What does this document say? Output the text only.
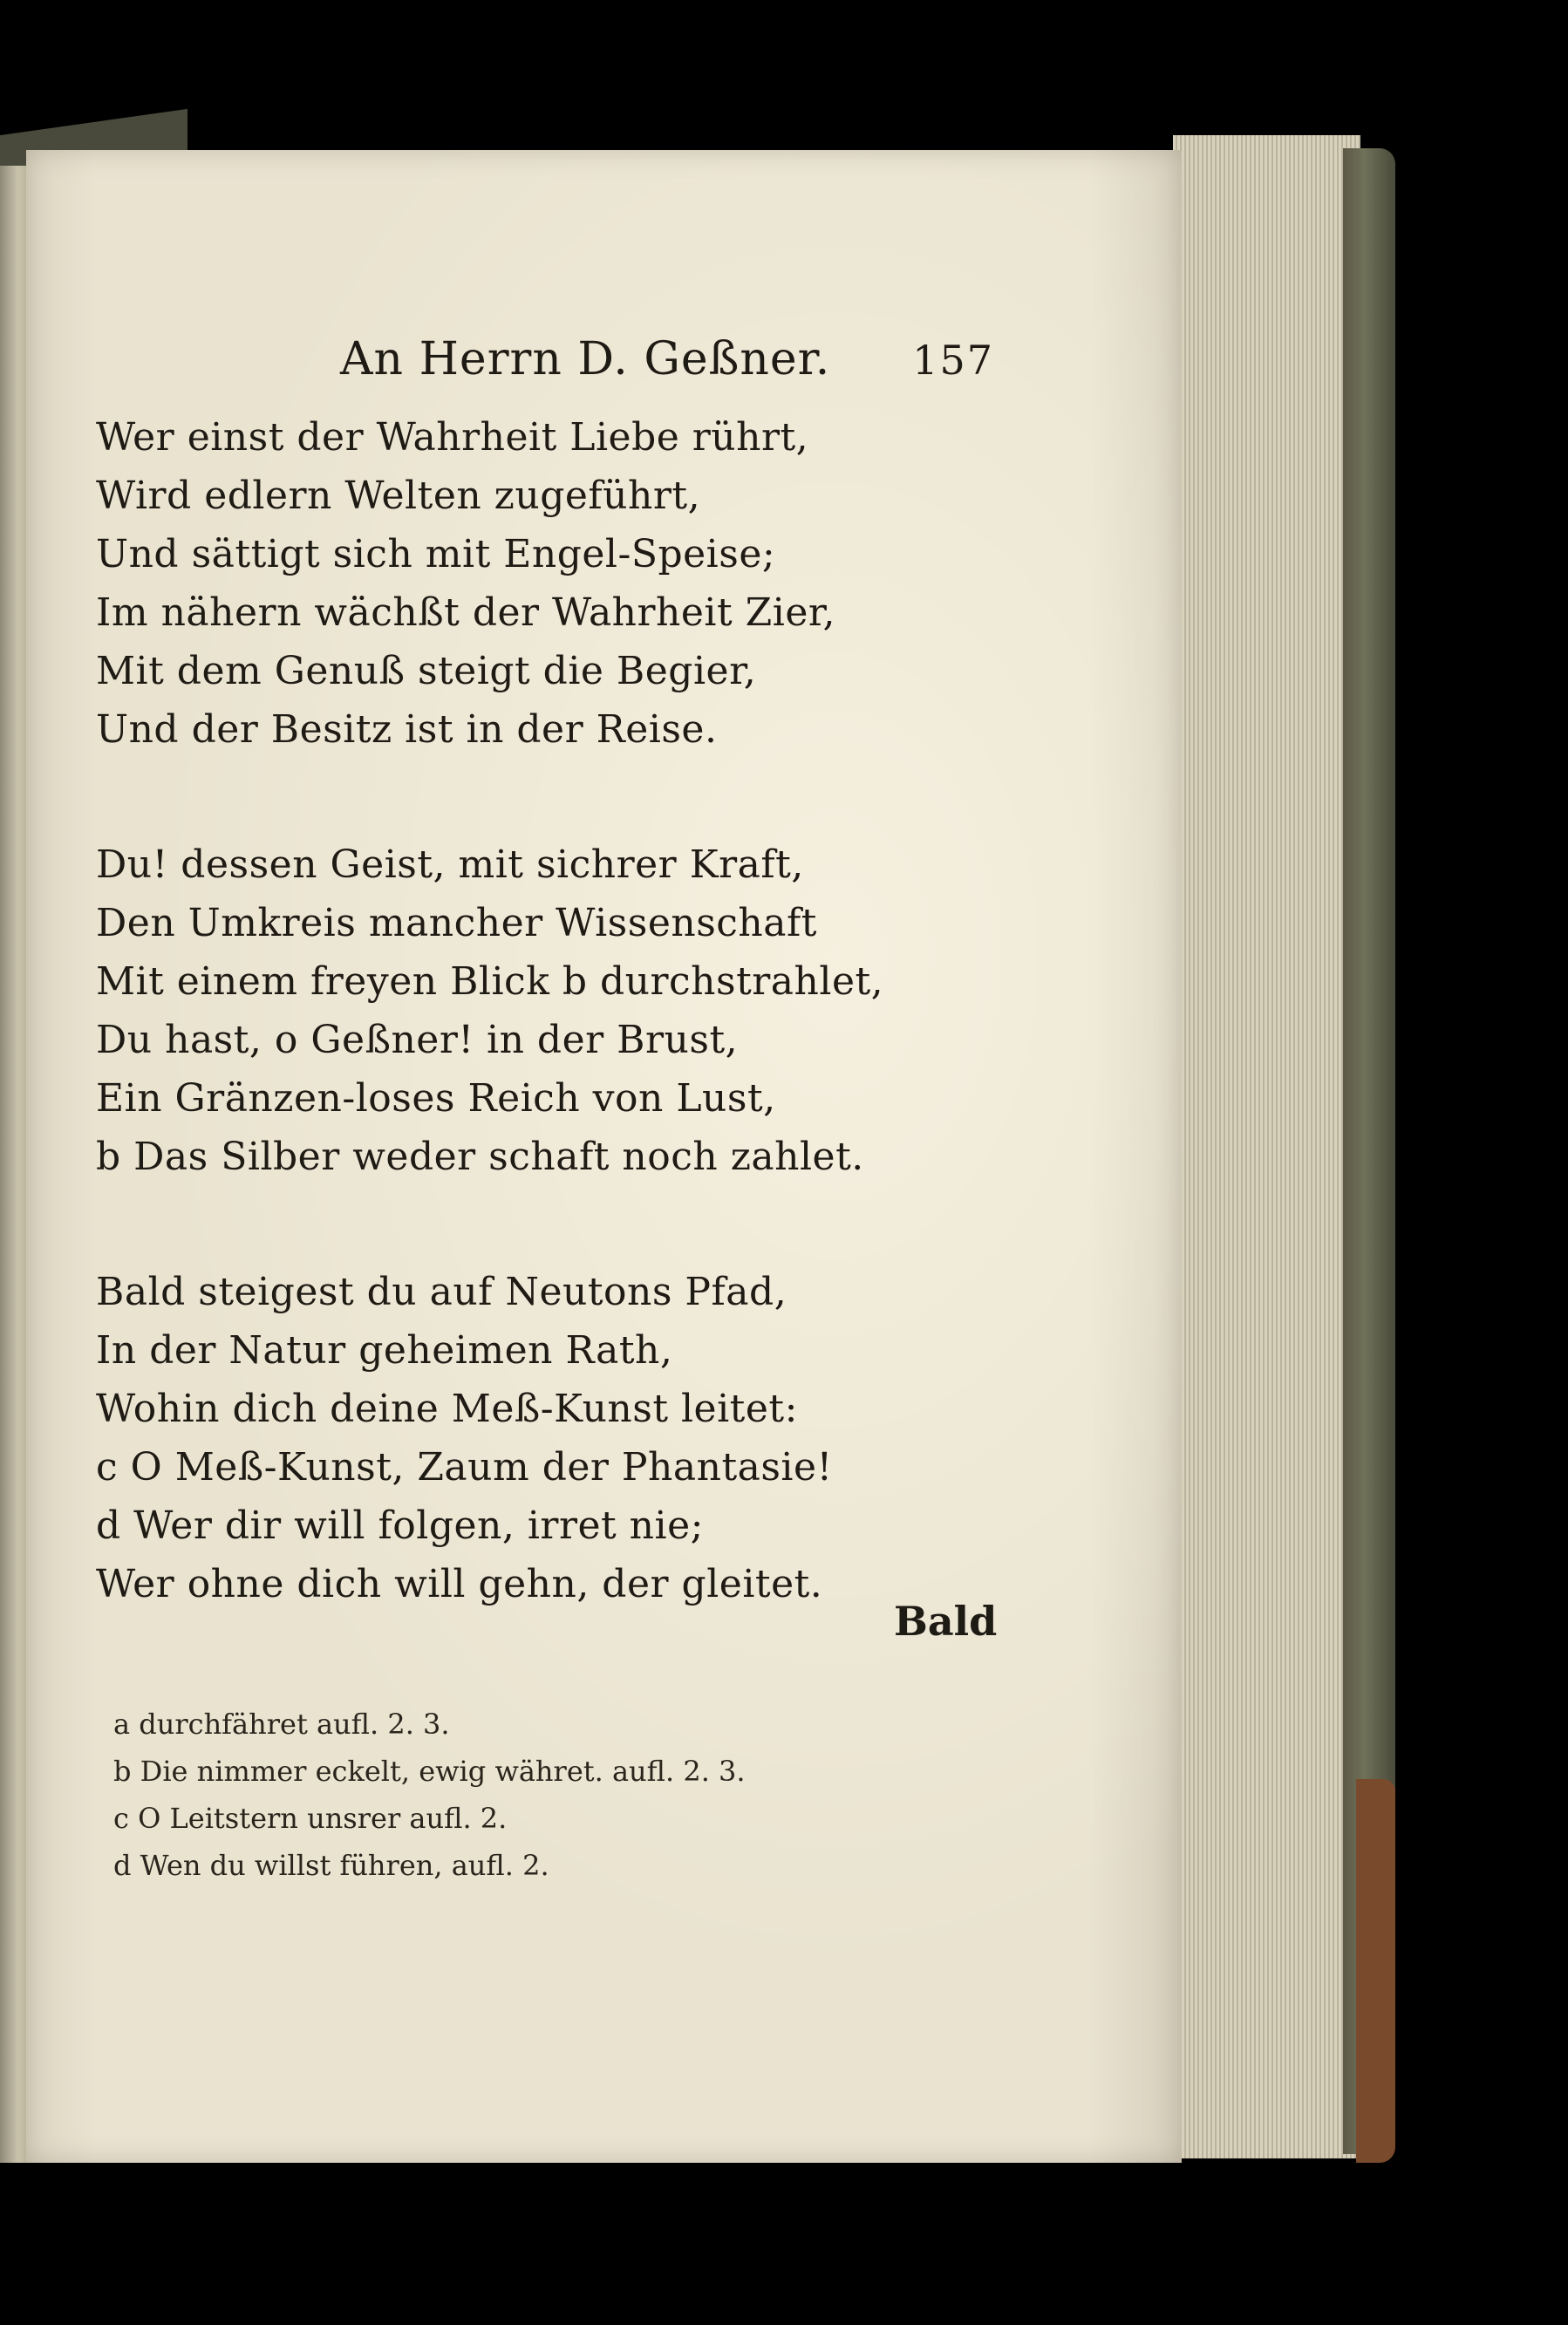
An Herrn D. Geßner. 157
Wer einst der Wahrheit Liebe rührt,
Wird edlern Welten zugeführt,
Und sättigt sich mit Engel-Speise;
Im nähern wächßt der Wahrheit Zier,
Mit dem Genuß steigt die Begier,
Und der Besitz ist in der Reise.
Du! dessen Geist, mit sichrer Kraft,
Den Umkreis mancher Wissenschaft
Mit einem freyen Blick b durchstrahlet,
Du hast, o Geßner! in der Brust,
Ein Gränzen-loses Reich von Lust,
b Das Silber weder schaft noch zahlet.
Bald steigest du auf Neutons Pfad,
In der Natur geheimen Rath,
Wohin dich deine Meß-Kunst leitet:
c O Meß-Kunst, Zaum der Phantasie!
d Wer dir will folgen, irret nie;
Wer ohne dich will gehn, der gleitet.
Bald
a durchfähret aufl. 2. 3.
b Die nimmer eckelt, ewig währet. aufl. 2. 3.
c O Leitstern unsrer aufl. 2.
d Wen du willst führen, aufl. 2.
